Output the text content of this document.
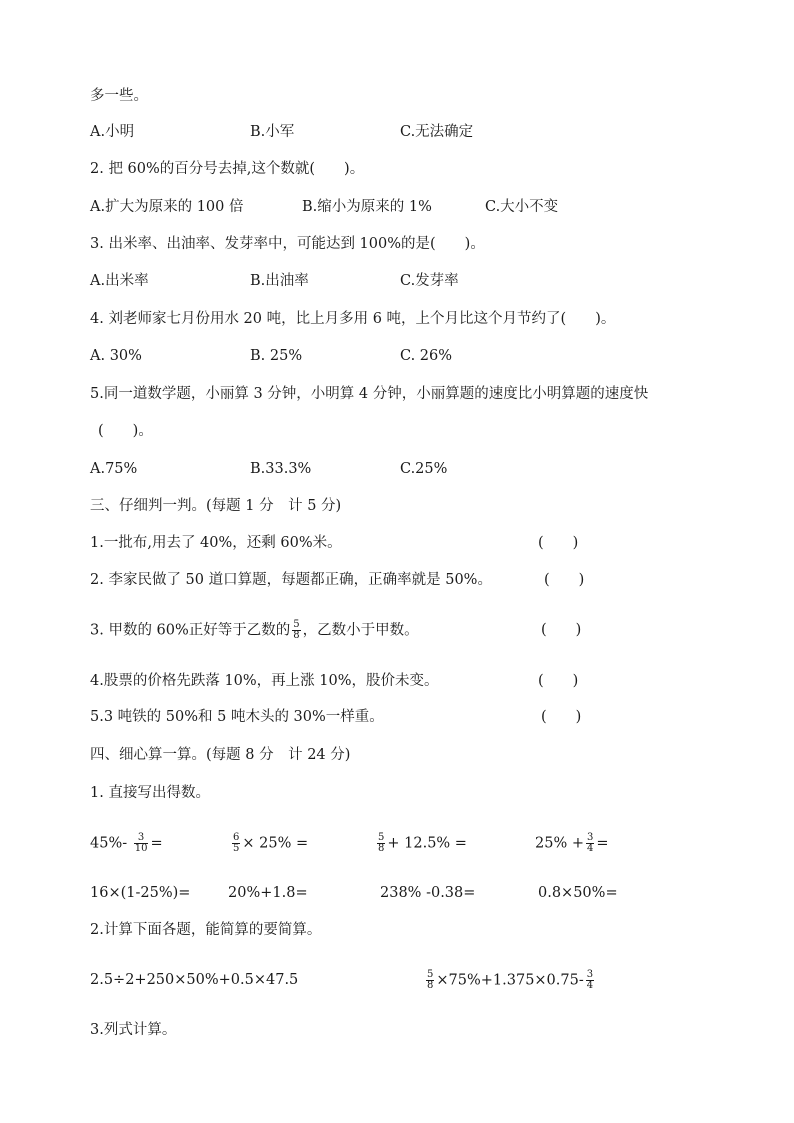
多一些。
A.小明	B.小军	C.无法确定
2. 把 60%的百分号去掉,这个数就(　　)。
A.扩大为原来的 100 倍	B.缩小为原来的 1%	C.大小不变
3. 出米率、出油率、发芽率中，可能达到 100%的是(　　)。
A.出米率	B.出油率	C.发芽率
4. 刘老师家七月份用水 20 吨，比上月多用 6 吨，上个月比这个月节约了(　　)。
A. 30%	B. 25%	C. 26%
5.同一道数学题，小丽算 3 分钟，小明算 4 分钟，小丽算题的速度比小明算题的速度快
(　　)。
A.75%	B.33.3%	C.25%
三、仔细判一判。(每题 1 分　计 5 分)
1.一批布,用去了 40%，还剩 60%米。	(　　)
2. 李家民做了 50 道口算题，每题都正确，正确率就是 50%。	(　　)
3. 甲数的 60%正好等于乙数的 $\frac{5}{8}$ ，乙数小于甲数。	(　　)
4.股票的价格先跌落 10%，再上涨 10%，股价未变。	(　　)
5.3 吨铁的 50%和 5 吨木头的 30%一样重。	(　　)
四、细心算一算。(每题 8 分　计 24 分)
1. 直接写出得数。
$45\%- \frac{3}{10}$ =	$\frac{6}{5} \times 25\%$ =	$\frac{5}{8} + 12.5\%$ =	$25\% + \frac{3}{4}$ =
16×(1-25%)=	20%+1.8=	238% -0.38=	0.8×50%=
2.计算下面各题，能简算的要简算。
2.5÷2+250×50%+0.5×47.5	$\frac{5}{8} \times 75\%+1.375\times 0.75- \frac{3}{4}$
3.列式计算。
